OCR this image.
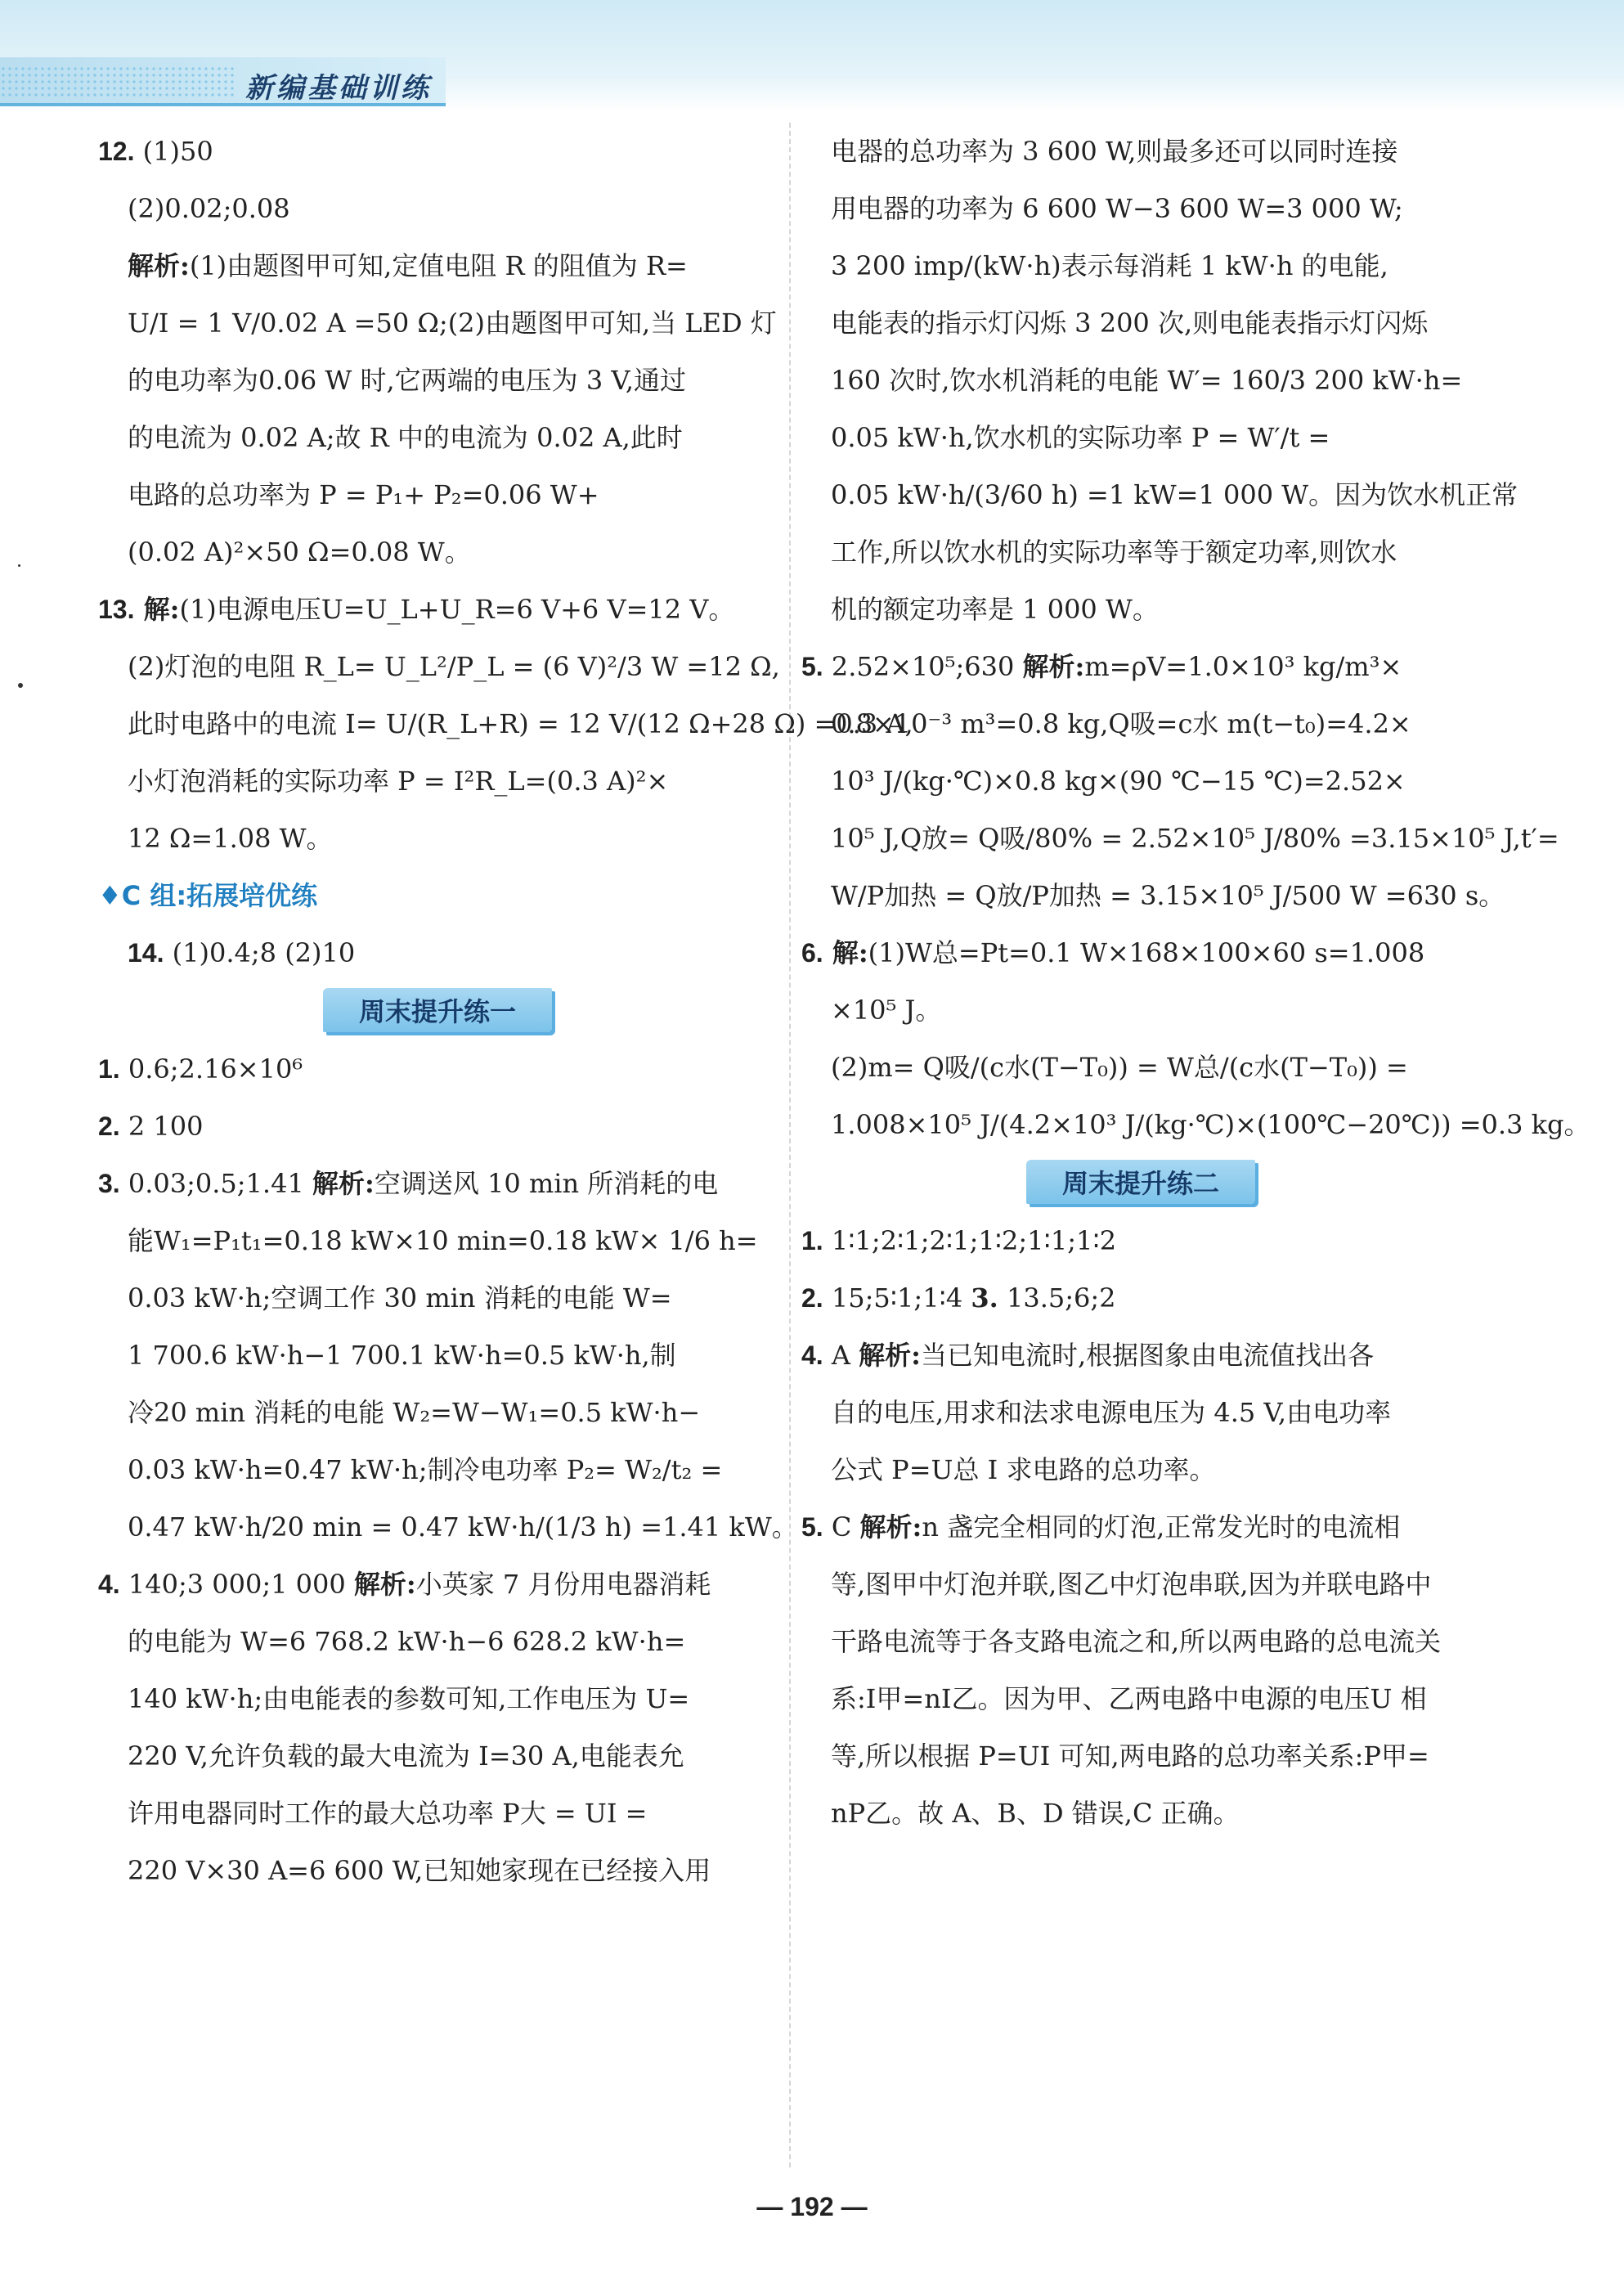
新编基础训练
12. (1)50
(2)0.02;0.08
解析:(1)由题图甲可知,定值电阻 R 的阻值为 R=
U/I = 1 V/0.02 A =50 Ω;(2)由题图甲可知,当 LED 灯
的电功率为0.06 W 时,它两端的电压为 3 V,通过
的电流为 0.02 A;故 R 中的电流为 0.02 A,此时
电路的总功率为 P = P₁+ P₂=0.06 W+
(0.02 A)²×50 Ω=0.08 W。
13. 解:(1)电源电压U=U_L+U_R=6 V+6 V=12 V。
(2)灯泡的电阻 R_L= U_L²/P_L = (6 V)²/3 W =12 Ω,
此时电路中的电流 I= U/(R_L+R) = 12 V/(12 Ω+28 Ω) =0.3 A,
小灯泡消耗的实际功率 P = I²R_L=(0.3 A)²×
12 Ω=1.08 W。
♦C 组:拓展培优练
14. (1)0.4;8 (2)10
周末提升练一
1. 0.6;2.16×10⁶
2. 2 100
3. 0.03;0.5;1.41 解析:空调送风 10 min 所消耗的电
能W₁=P₁t₁=0.18 kW×10 min=0.18 kW× 1/6 h=
0.03 kW·h;空调工作 30 min 消耗的电能 W=
1 700.6 kW·h−1 700.1 kW·h=0.5 kW·h,制
冷20 min 消耗的电能 W₂=W−W₁=0.5 kW·h−
0.03 kW·h=0.47 kW·h;制冷电功率 P₂= W₂/t₂ =
0.47 kW·h/20 min = 0.47 kW·h/(1/3 h) =1.41 kW。
4. 140;3 000;1 000 解析:小英家 7 月份用电器消耗
的电能为 W=6 768.2 kW·h−6 628.2 kW·h=
140 kW·h;由电能表的参数可知,工作电压为 U=
220 V,允许负载的最大电流为 I=30 A,电能表允
许用电器同时工作的最大总功率 P大 = UI =
220 V×30 A=6 600 W,已知她家现在已经接入用
电器的总功率为 3 600 W,则最多还可以同时连接
用电器的功率为 6 600 W−3 600 W=3 000 W;
3 200 imp/(kW·h)表示每消耗 1 kW·h 的电能,
电能表的指示灯闪烁 3 200 次,则电能表指示灯闪烁
160 次时,饮水机消耗的电能 W′= 160/3 200 kW·h=
0.05 kW·h,饮水机的实际功率 P = W′/t =
0.05 kW·h/(3/60 h) =1 kW=1 000 W。因为饮水机正常
工作,所以饮水机的实际功率等于额定功率,则饮水
机的额定功率是 1 000 W。
5. 2.52×10⁵;630 解析:m=ρV=1.0×10³ kg/m³×
0.8×10⁻³ m³=0.8 kg,Q吸=c水 m(t−t₀)=4.2×
10³ J/(kg·℃)×0.8 kg×(90 ℃−15 ℃)=2.52×
10⁵ J,Q放= Q吸/80% = 2.52×10⁵ J/80% =3.15×10⁵ J,t′=
W/P加热 = Q放/P加热 = 3.15×10⁵ J/500 W =630 s。
6. 解:(1)W总=Pt=0.1 W×168×100×60 s=1.008
×10⁵ J。
(2)m= Q吸/(c水(T−T₀)) = W总/(c水(T−T₀)) =
1.008×10⁵ J/(4.2×10³ J/(kg·℃)×(100℃−20℃)) =0.3 kg。
周末提升练二
1. 1∶1;2∶1;2∶1;1∶2;1∶1;1∶2
2. 15;5∶1;1∶4 3. 13.5;6;2
4. A 解析:当已知电流时,根据图象由电流值找出各
自的电压,用求和法求电源电压为 4.5 V,由电功率
公式 P=U总 I 求电路的总功率。
5. C 解析:n 盏完全相同的灯泡,正常发光时的电流相
等,图甲中灯泡并联,图乙中灯泡串联,因为并联电路中
干路电流等于各支路电流之和,所以两电路的总电流关
系:I甲=nI乙。因为甲、乙两电路中电源的电压U 相
等,所以根据 P=UI 可知,两电路的总功率关系:P甲=
nP乙。故 A、B、D 错误,C 正确。
— 192 —
